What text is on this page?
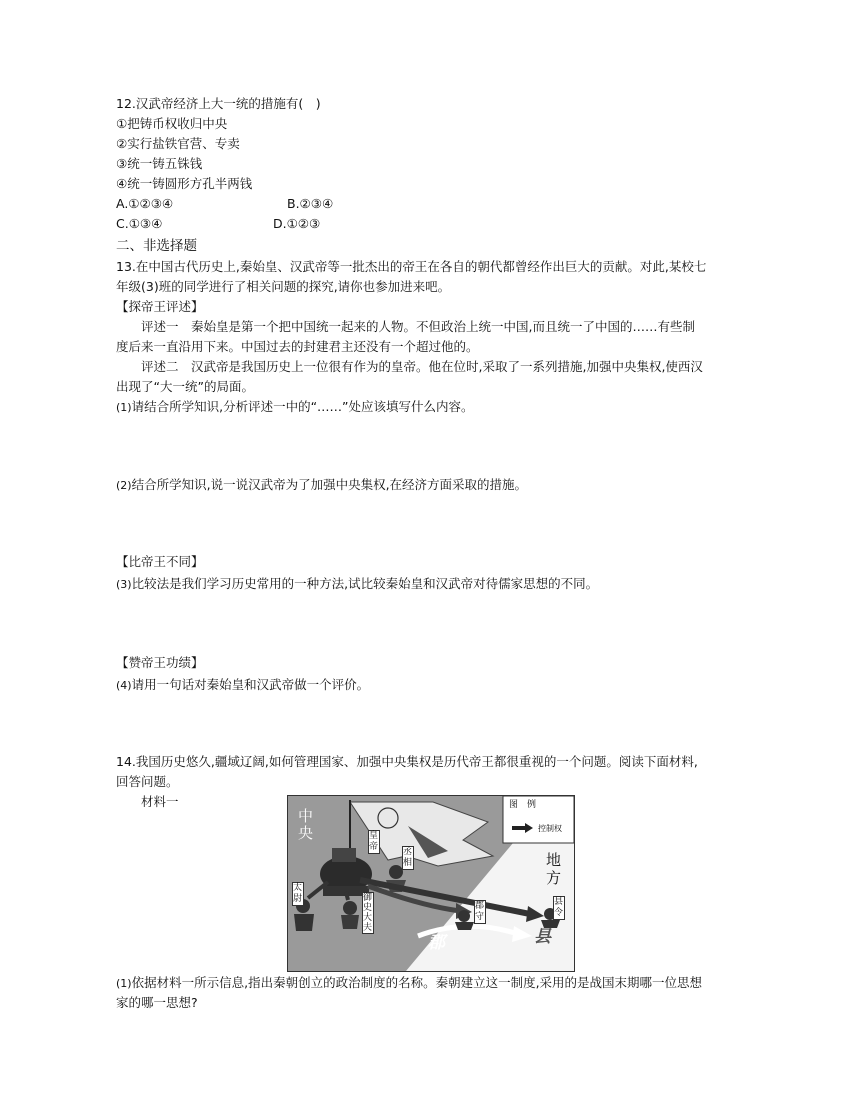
12.汉武帝经济上大一统的措施有(　)
①把铸币权收归中央
②实行盐铁官营、专卖
③统一铸五铢钱
④统一铸圆形方孔半两钱
A.①②③④	B.②③④
C.①③④	D.①②③
二、非选择题
13.在中国古代历史上,秦始皇、汉武帝等一批杰出的帝王在各自的朝代都曾经作出巨大的贡献。对此,某校七
年级(3)班的同学进行了相关问题的探究,请你也参加进来吧。
【探帝王评述】
评述一　秦始皇是第一个把中国统一起来的人物。不但政治上统一中国,而且统一了中国的……有些制
度后来一直沿用下来。中国过去的封建君主还没有一个超过他的。
评述二　汉武帝是我国历史上一位很有作为的皇帝。他在位时,采取了一系列措施,加强中央集权,使西汉
出现了“大一统”的局面。
(1)请结合所学知识,分析评述一中的“……”处应该填写什么内容。
(2)结合所学知识,说一说汉武帝为了加强中央集权,在经济方面采取的措施。
【比帝王不同】
(3)比较法是我们学习历史常用的一种方法,试比较秦始皇和汉武帝对待儒家思想的不同。
【赞帝王功绩】
(4)请用一句话对秦始皇和汉武帝做一个评价。
14.我国历史悠久,疆域辽阔,如何管理国家、加强中央集权是历代帝王都很重视的一个问题。阅读下面材料,
回答问题。
材料一
中央
地方
图　例
控制权
皇帝	丞相
太尉	御史大夫
郡守
县令
郡	县
(1)依据材料一所示信息,指出秦朝创立的政治制度的名称。秦朝建立这一制度,采用的是战国末期哪一位思想
家的哪一思想?
